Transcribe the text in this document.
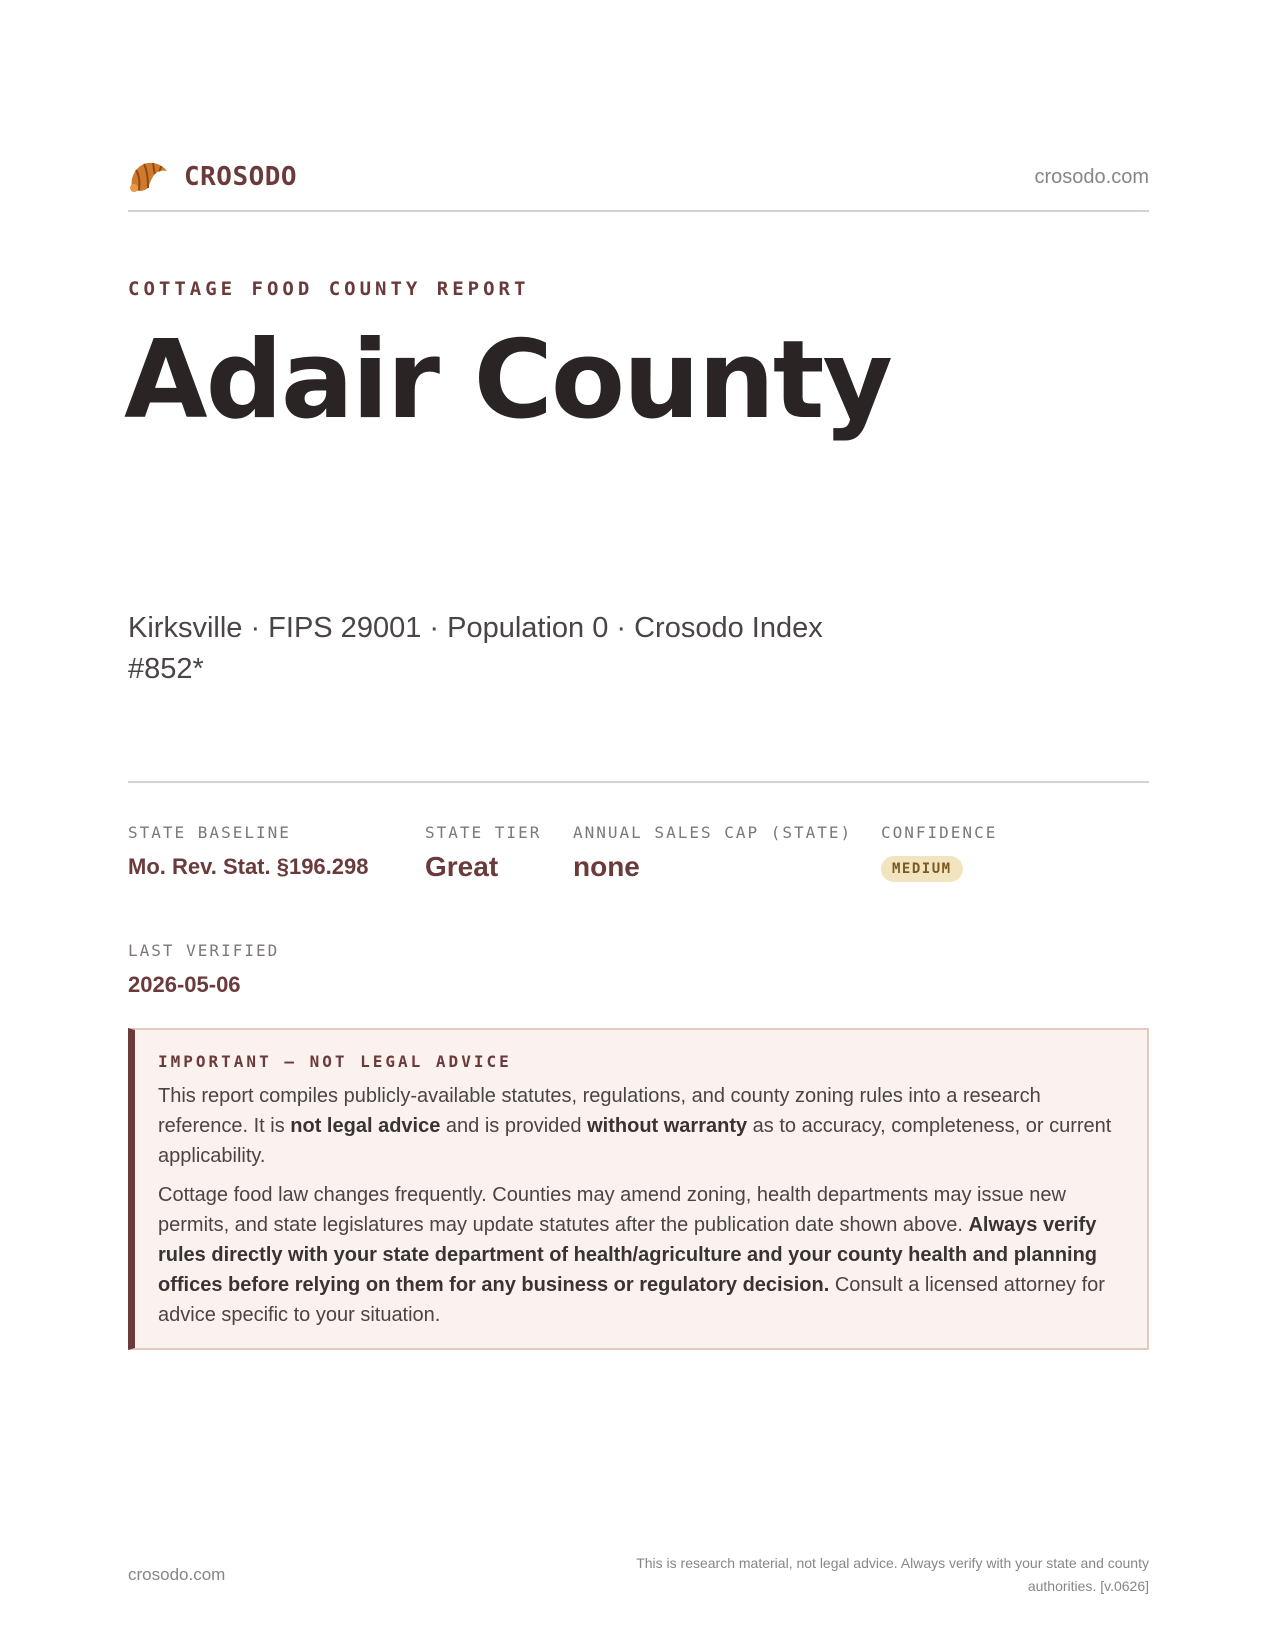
CROSODO	crosodo.com
COTTAGE FOOD COUNTY REPORT
Adair County
Kirksville · FIPS 29001 · Population 0 · Crosodo Index #852*
STATE BASELINE
Mo. Rev. Stat. §196.298
STATE TIER
Great
ANNUAL SALES CAP (STATE)
none
CONFIDENCE
MEDIUM
LAST VERIFIED
2026-05-06
IMPORTANT — NOT LEGAL ADVICE

This report compiles publicly-available statutes, regulations, and county zoning rules into a research reference. It is not legal advice and is provided without warranty as to accuracy, completeness, or current applicability.

Cottage food law changes frequently. Counties may amend zoning, health departments may issue new permits, and state legislatures may update statutes after the publication date shown above. Always verify rules directly with your state department of health/agriculture and your county health and planning offices before relying on them for any business or regulatory decision. Consult a licensed attorney for advice specific to your situation.

crosodo.com
This is research material, not legal advice. Always verify with your state and county authorities. [v.0626]
